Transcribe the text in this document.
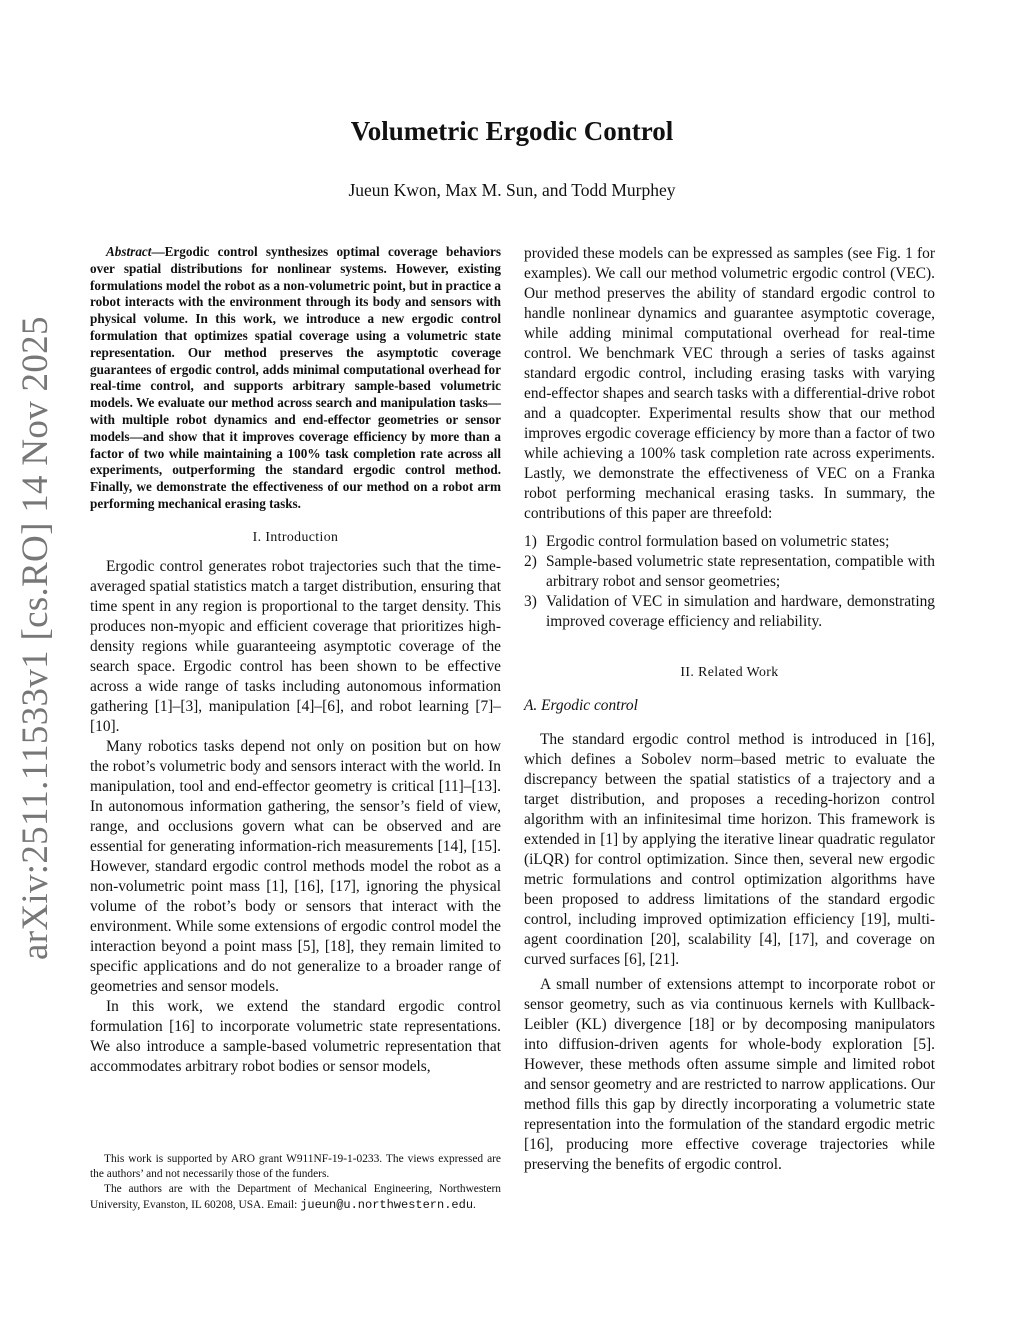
arXiv:2511.11533v1 [cs.RO] 14 Nov 2025
Volumetric Ergodic Control
Jueun Kwon, Max M. Sun, and Todd Murphey

Abstract—Ergodic control synthesizes optimal coverage behaviors over spatial distributions for nonlinear systems. However, existing formulations model the robot as a non-volumetric point, but in practice a robot interacts with the environment through its body and sensors with physical volume. In this work, we introduce a new ergodic control formulation that optimizes spatial coverage using a volumetric state representation. Our method preserves the asymptotic coverage guarantees of ergodic control, adds minimal computational overhead for real-time control, and supports arbitrary sample-based volumetric models. We evaluate our method across search and manipulation tasks—with multiple robot dynamics and end-effector geometries or sensor models—and show that it improves coverage efficiency by more than a factor of two while maintaining a 100% task completion rate across all experiments, outperforming the standard ergodic control method. Finally, we demonstrate the effectiveness of our method on a robot arm performing mechanical erasing tasks.

I. Introduction

Ergodic control generates robot trajectories such that the time-averaged spatial statistics match a target distribution, ensuring that time spent in any region is proportional to the target density. This produces non-myopic and efficient coverage that prioritizes high-density regions while guaranteeing asymptotic coverage of the search space. Ergodic control has been shown to be effective across a wide range of tasks including autonomous information gathering [1]–[3], manipulation [4]–[6], and robot learning [7]–[10].

Many robotics tasks depend not only on position but on how the robot’s volumetric body and sensors interact with the world. In manipulation, tool and end-effector geometry is critical [11]–[13]. In autonomous information gathering, the sensor’s field of view, range, and occlusions govern what can be observed and are essential for generating information-rich measurements [14], [15]. However, standard ergodic control methods model the robot as a non-volumetric point mass [1], [16], [17], ignoring the physical volume of the robot’s body or sensors that interact with the environment. While some extensions of ergodic control model the interaction beyond a point mass [5], [18], they remain limited to specific applications and do not generalize to a broader range of geometries and sensor models.

In this work, we extend the standard ergodic control formulation [16] to incorporate volumetric state representations. We also introduce a sample-based volumetric representation that accommodates arbitrary robot bodies or sensor models,

provided these models can be expressed as samples (see Fig. 1 for examples). We call our method volumetric ergodic control (VEC). Our method preserves the ability of standard ergodic control to handle nonlinear dynamics and guarantee asymptotic coverage, while adding minimal computational overhead for real-time control. We benchmark VEC through a series of tasks against standard ergodic control, including erasing tasks with varying end-effector shapes and search tasks with a differential-drive robot and a quadcopter. Experimental results show that our method improves ergodic coverage efficiency by more than a factor of two while achieving a 100% task completion rate across experiments. Lastly, we demonstrate the effectiveness of VEC on a Franka robot performing mechanical erasing tasks. In summary, the contributions of this paper are threefold:

1) Ergodic control formulation based on volumetric states;
2) Sample-based volumetric state representation, compatible with arbitrary robot and sensor geometries;
3) Validation of VEC in simulation and hardware, demonstrating improved coverage efficiency and reliability.
II. Related Work
A. Ergodic control

The standard ergodic control method is introduced in [16], which defines a Sobolev norm–based metric to evaluate the discrepancy between the spatial statistics of a trajectory and a target distribution, and proposes a receding-horizon control algorithm with an infinitesimal time horizon. This framework is extended in [1] by applying the iterative linear quadratic regulator (iLQR) for control optimization. Since then, several new ergodic metric formulations and control optimization algorithms have been proposed to address limitations of the standard ergodic control, including improved optimization efficiency [19], multi-agent coordination [20], scalability [4], [17], and coverage on curved surfaces [6], [21].

A small number of extensions attempt to incorporate robot or sensor geometry, such as via continuous kernels with Kullback-Leibler (KL) divergence [18] or by decomposing manipulators into diffusion-driven agents for whole-body exploration [5]. However, these methods often assume simple and limited robot and sensor geometry and are restricted to narrow applications. Our method fills this gap by directly incorporating a volumetric state representation into the formulation of the standard ergodic metric [16], producing more effective coverage trajectories while preserving the benefits of ergodic control.

This work is supported by ARO grant W911NF-19-1-0233. The views expressed are the authors’ and not necessarily those of the funders.

The authors are with the Department of Mechanical Engineering, Northwestern University, Evanston, IL 60208, USA. Email: jueun@u.northwestern.edu.
